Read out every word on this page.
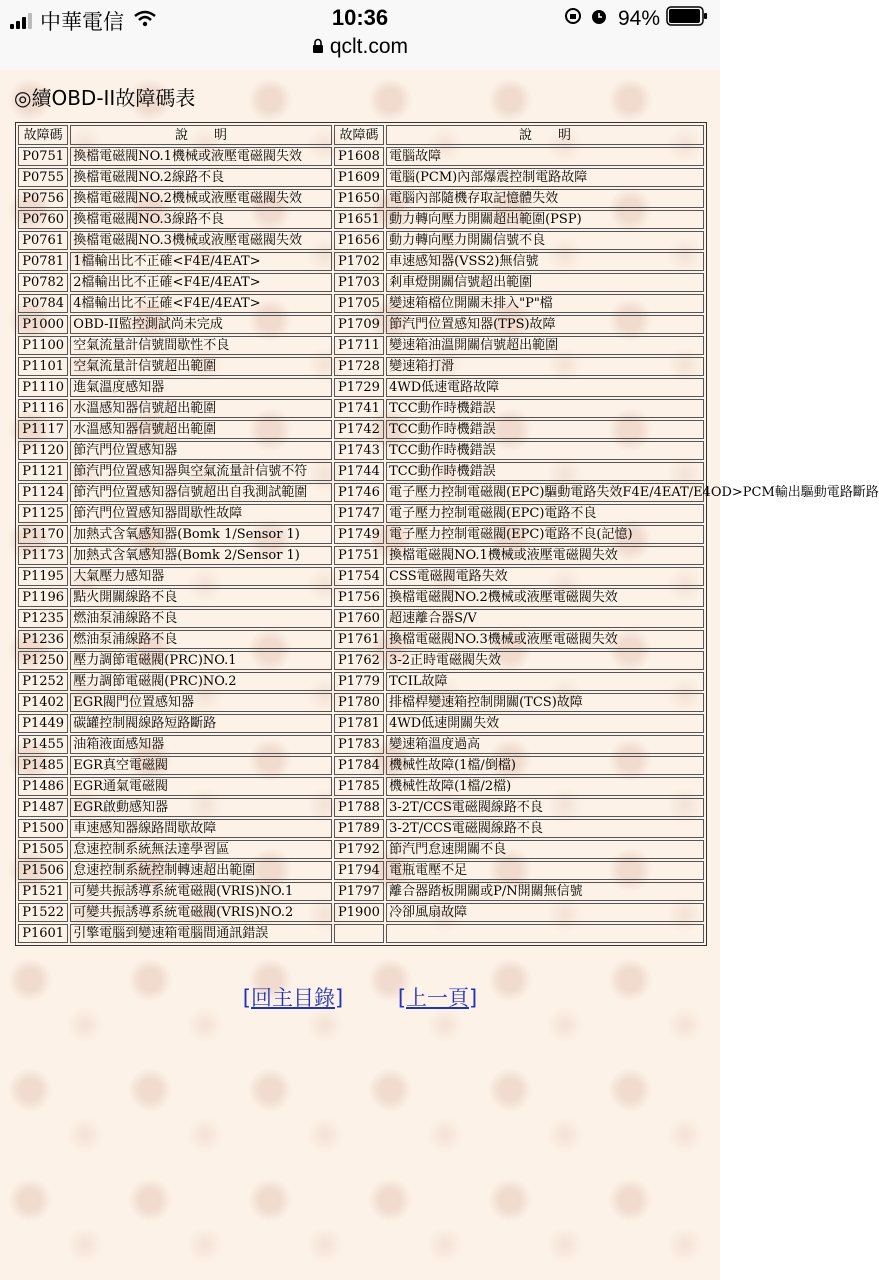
中華電信	10:36	94%
qclt.com
◎續OBD-II故障碼表
故障碼	說　　明	故障碼	說　　明
P0751	換檔電磁閥NO.1機械或液壓電磁閥失效	P1608	電腦故障
P0755	換檔電磁閥NO.2線路不良	P1609	電腦(PCM)內部爆震控制電路故障
P0756	換檔電磁閥NO.2機械或液壓電磁閥失效	P1650	電腦內部隨機存取記憶體失效
P0760	換檔電磁閥NO.3線路不良	P1651	動力轉向壓力開關超出範圍(PSP)
P0761	換檔電磁閥NO.3機械或液壓電磁閥失效	P1656	動力轉向壓力開關信號不良
P0781	1檔輸出比不正確<F4E/4EAT>	P1702	車速感知器(VSS2)無信號
P0782	2檔輸出比不正確<F4E/4EAT>	P1703	剎車燈開關信號超出範圍
P0784	4檔輸出比不正確<F4E/4EAT>	P1705	變速箱檔位開關未排入"P"檔
P1000	OBD-II監控測試尚未完成	P1709	節汽門位置感知器(TPS)故障
P1100	空氣流量計信號間歇性不良	P1711	變速箱油溫開關信號超出範圍
P1101	空氣流量計信號超出範圍	P1728	變速箱打滑
P1110	進氣溫度感知器	P1729	4WD低速電路故障
P1116	水溫感知器信號超出範圍	P1741	TCC動作時機錯誤
P1117	水溫感知器信號超出範圍	P1742	TCC動作時機錯誤
P1120	節汽門位置感知器	P1743	TCC動作時機錯誤
P1121	節汽門位置感知器與空氣流量計信號不符	P1744	TCC動作時機錯誤
P1124	節汽門位置感知器信號超出自我測試範圍	P1746	電子壓力控制電磁閥(EPC)驅動電路失效F4E/4EAT/E4OD>PCM輸出驅動電路斷路
P1125	節汽門位置感知器間歇性故障	P1747	電子壓力控制電磁閥(EPC)電路不良
P1170	加熱式含氧感知器(Bomk 1/Sensor 1)	P1749	電子壓力控制電磁閥(EPC)電路不良(記憶)
P1173	加熱式含氧感知器(Bomk 2/Sensor 1)	P1751	換檔電磁閥NO.1機械或液壓電磁閥失效
P1195	大氣壓力感知器	P1754	CSS電磁閥電路失效
P1196	點火開關線路不良	P1756	換檔電磁閥NO.2機械或液壓電磁閥失效
P1235	燃油泵浦線路不良	P1760	超速離合器S/V
P1236	燃油泵浦線路不良	P1761	換檔電磁閥NO.3機械或液壓電磁閥失效
P1250	壓力調節電磁閥(PRC)NO.1	P1762	3-2正時電磁閥失效
P1252	壓力調節電磁閥(PRC)NO.2	P1779	TCIL故障
P1402	EGR閥門位置感知器	P1780	排檔桿變速箱控制開關(TCS)故障
P1449	碳罐控制閥線路短路斷路	P1781	4WD低速開關失效
P1455	油箱液面感知器	P1783	變速箱溫度過高
P1485	EGR真空電磁閥	P1784	機械性故障(1檔/倒檔)
P1486	EGR通氣電磁閥	P1785	機械性故障(1檔/2檔)
P1487	EGR啟動感知器	P1788	3-2T/CCS電磁閥線路不良
P1500	車速感知器線路間歇故障	P1789	3-2T/CCS電磁閥線路不良
P1505	怠速控制系統無法達學習區	P1792	節汽門怠速開關不良
P1506	怠速控制系統控制轉速超出範圍	P1794	電瓶電壓不足
P1521	可變共振誘導系統電磁閥(VRIS)NO.1	P1797	離合器踏板開關或P/N開關無信號
P1522	可變共振誘導系統電磁閥(VRIS)NO.2	P1900	冷卻風扇故障
P1601	引擎電腦到變速箱電腦間通訊錯誤		
[回主目錄]	[上一頁]
